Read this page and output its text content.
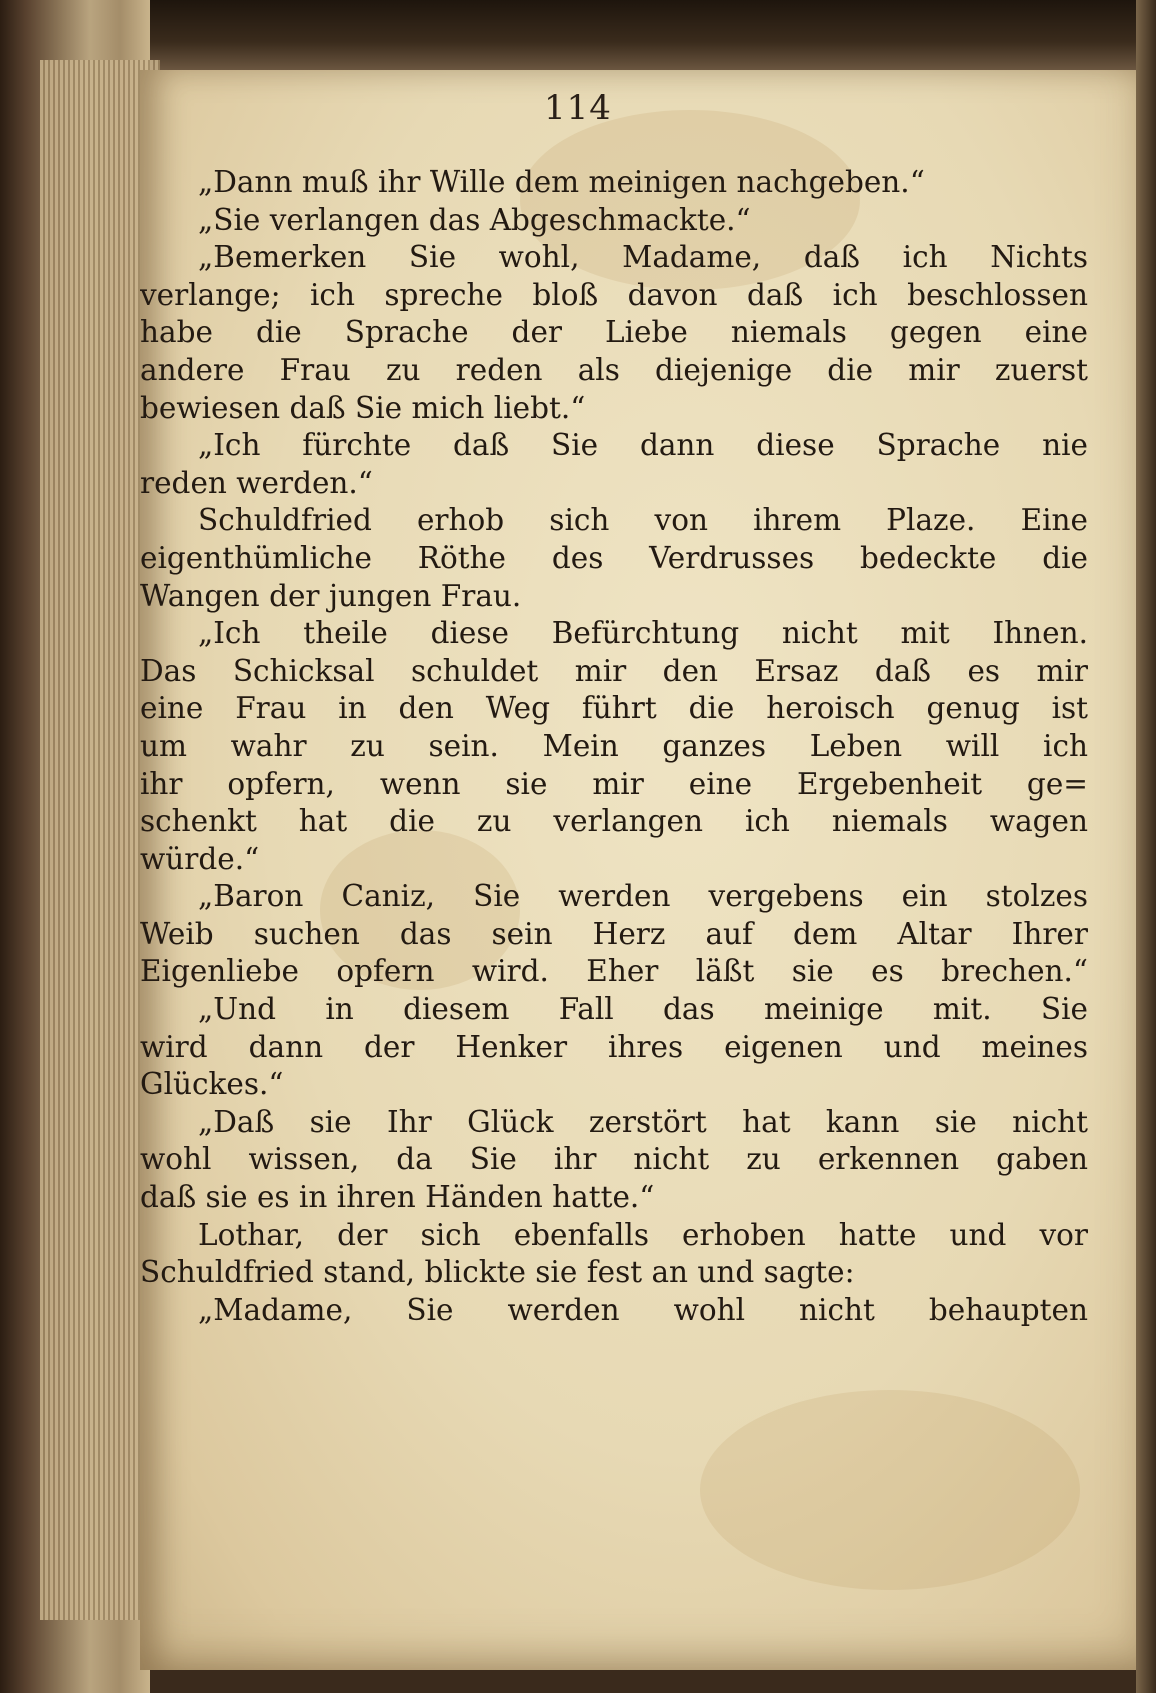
114
„Dann muß ihr Wille dem meinigen nachgeben.“
„Sie verlangen das Abgeschmackte.“
„Bemerken Sie wohl, Madame, daß ich Nichts
verlange; ich spreche bloß davon daß ich beschlossen
habe die Sprache der Liebe niemals gegen eine
andere Frau zu reden als diejenige die mir zuerst
bewiesen daß Sie mich liebt.“
„Ich fürchte daß Sie dann diese Sprache nie
reden werden.“
Schuldfried erhob sich von ihrem Plaze. Eine
eigenthümliche Röthe des Verdrusses bedeckte die
Wangen der jungen Frau.
„Ich theile diese Befürchtung nicht mit Ihnen.
Das Schicksal schuldet mir den Ersaz daß es mir
eine Frau in den Weg führt die heroisch genug ist
um wahr zu sein. Mein ganzes Leben will ich
ihr opfern, wenn sie mir eine Ergebenheit ge=
schenkt hat die zu verlangen ich niemals wagen
würde.“
„Baron Caniz, Sie werden vergebens ein stolzes
Weib suchen das sein Herz auf dem Altar Ihrer
Eigenliebe opfern wird. Eher läßt sie es brechen.“
„Und in diesem Fall das meinige mit. Sie
wird dann der Henker ihres eigenen und meines
Glückes.“
„Daß sie Ihr Glück zerstört hat kann sie nicht
wohl wissen, da Sie ihr nicht zu erkennen gaben
daß sie es in ihren Händen hatte.“
Lothar, der sich ebenfalls erhoben hatte und vor
Schuldfried stand, blickte sie fest an und sagte:
„Madame, Sie werden wohl nicht behaupten
